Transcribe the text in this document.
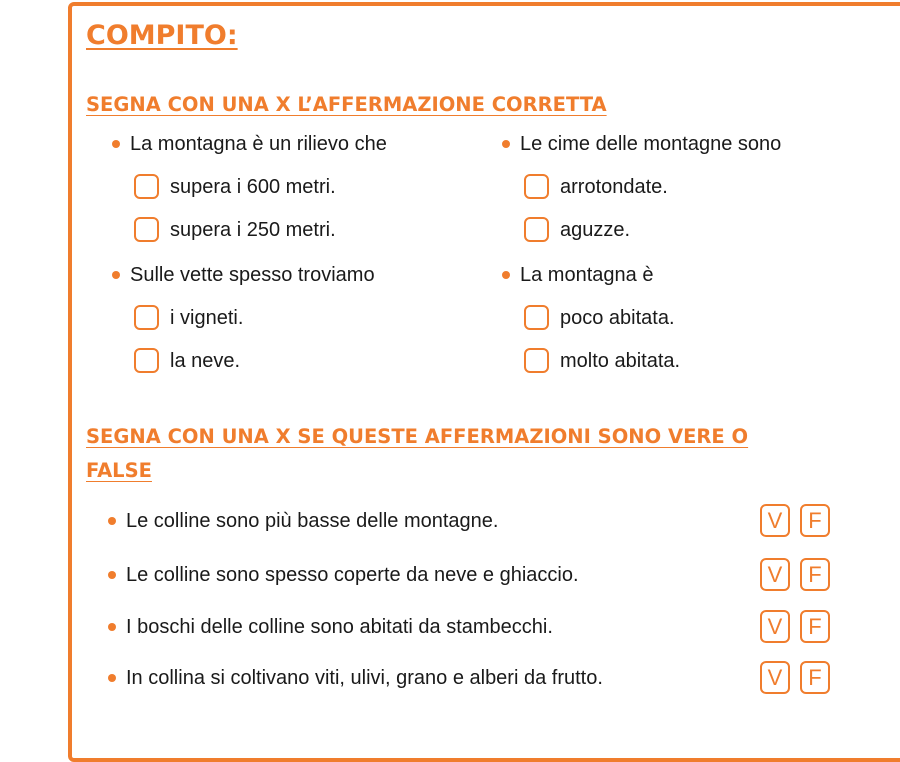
COMPITO:
SEGNA CON UNA X L’AFFERMAZIONE CORRETTA
La montagna è un rilievo che
supera i 600 metri.
supera i 250 metri.
Le cime delle montagne sono
arrotondate.
aguzze.
Sulle vette spesso troviamo
i vigneti.
la neve.
La montagna è
poco abitata.
molto abitata.
SEGNA CON UNA X SE QUESTE AFFERMAZIONI SONO VERE O
FALSE
Le colline sono più basse delle montagne.	V	F
Le colline sono spesso coperte da neve e ghiaccio.	V	F
I boschi delle colline sono abitati da stambecchi.	V	F
In collina si coltivano viti, ulivi, grano e alberi da frutto.	V	F
